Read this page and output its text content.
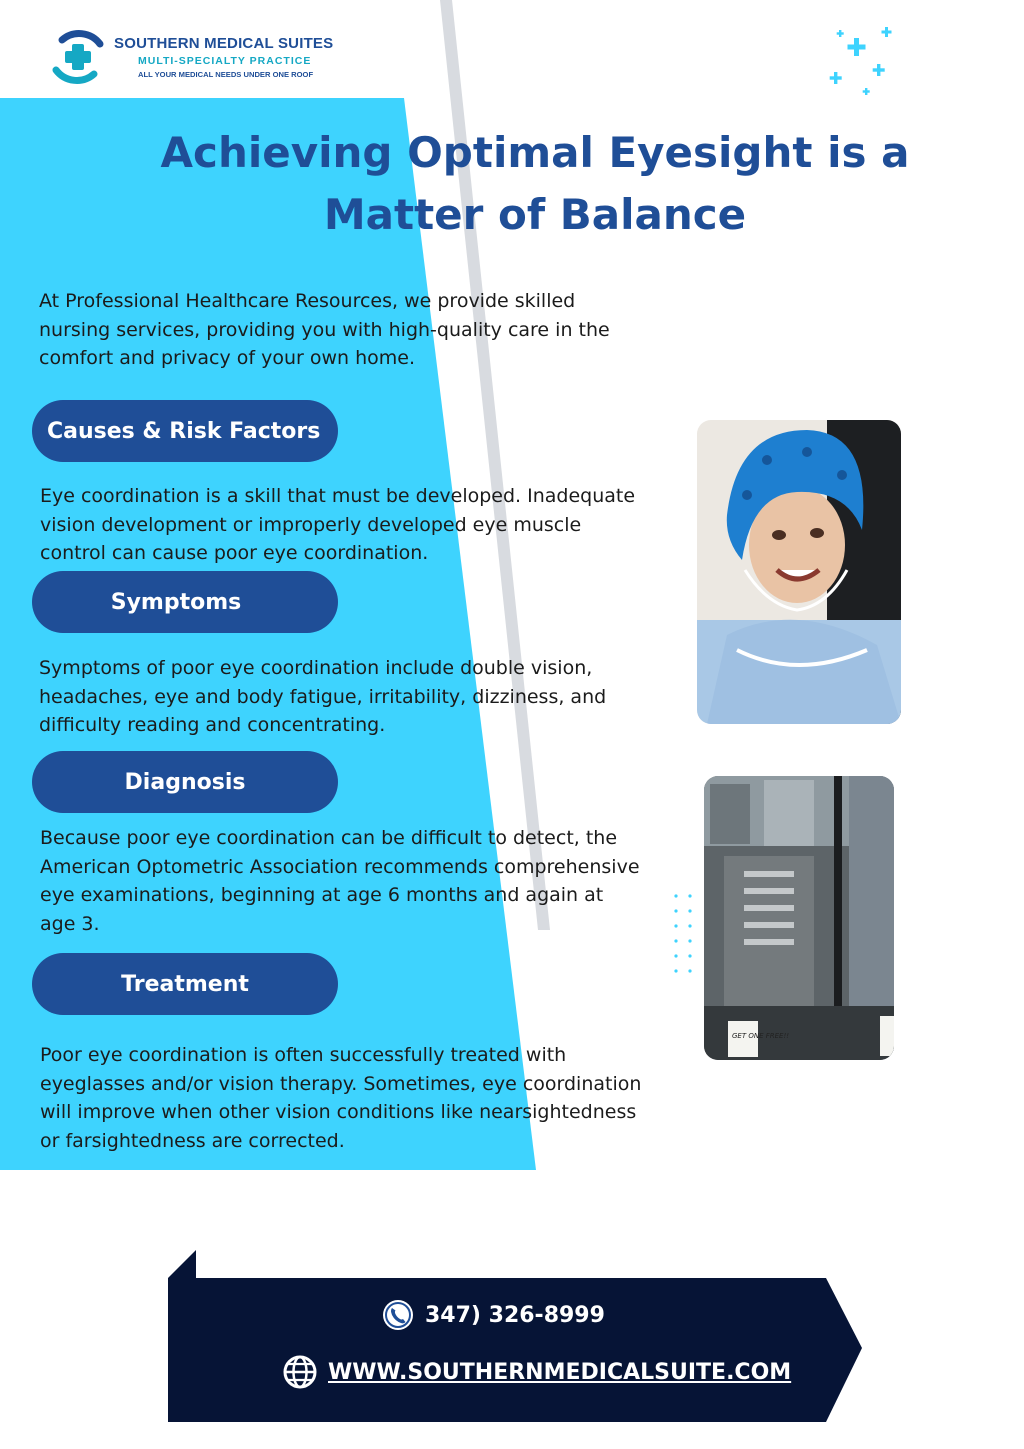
SOUTHERN MEDICAL SUITES
MULTI-SPECIALTY PRACTICE
ALL YOUR MEDICAL NEEDS UNDER ONE ROOF
Achieving Optimal Eyesight is a Matter of Balance

At Professional Healthcare Resources, we provide skilled nursing services, providing you with high-quality care in the comfort and privacy of your own home.

Causes & Risk Factors

Eye coordination is a skill that must be developed. Inadequate vision development or improperly developed eye muscle control can cause poor eye coordination.

Symptoms

Symptoms of poor eye coordination include double vision, headaches, eye and body fatigue, irritability, dizziness, and difficulty reading and concentrating.

Diagnosis

Because poor eye coordination can be difficult to detect, the American Optometric Association recommends comprehensive eye examinations, beginning at age 6 months and again at age 3.

Treatment

Poor eye coordination is often successfully treated with eyeglasses and/or vision therapy. Sometimes, eye coordination will improve when other vision conditions like nearsightedness or farsightedness are corrected.

GET ONE FREE!!
347) 326-8999
WWW.SOUTHERNMEDICALSUITE.COM
